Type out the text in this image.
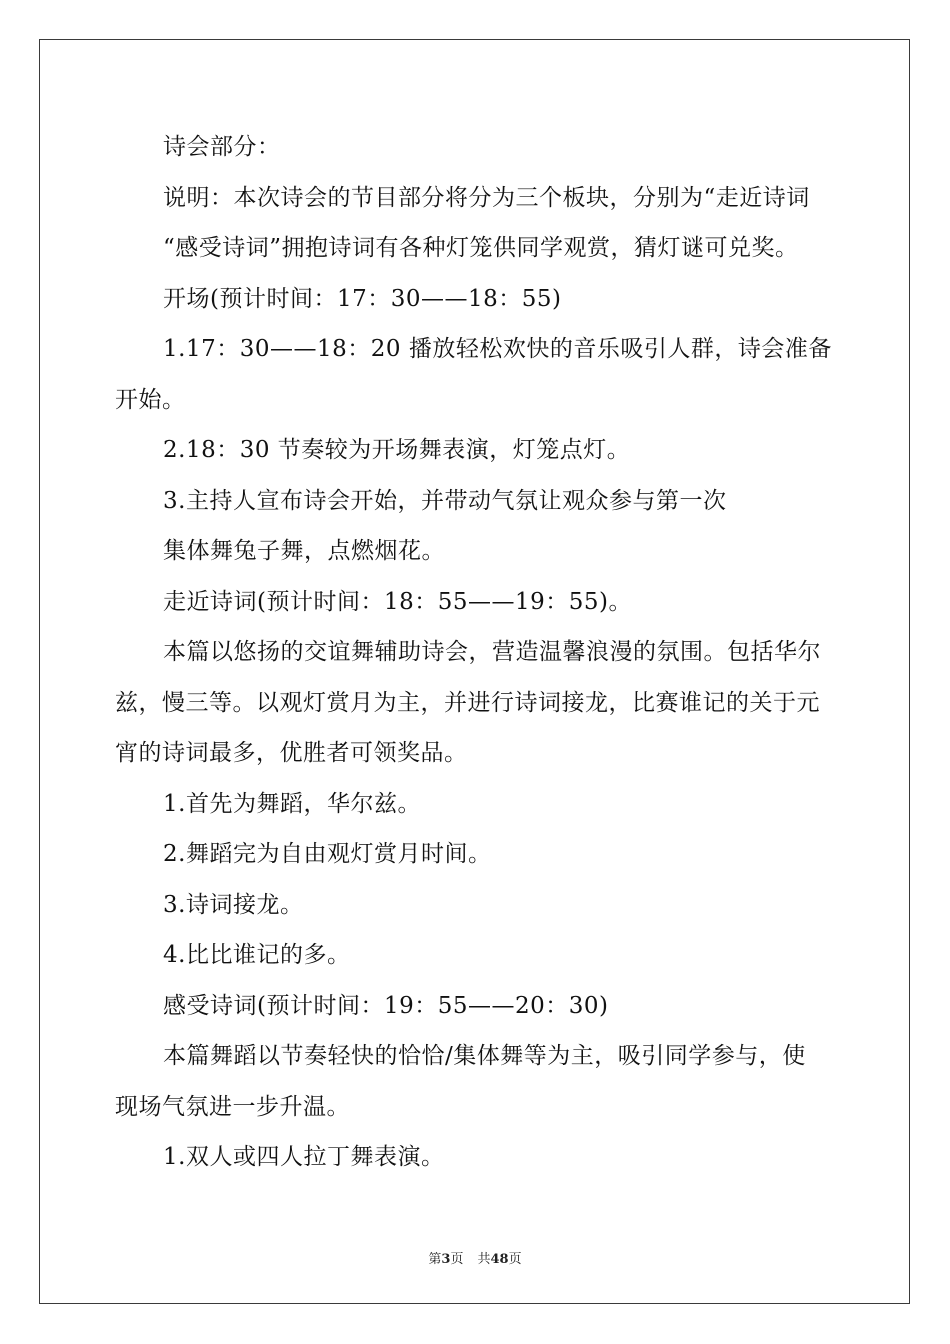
诗会部分：

说明：本次诗会的节目部分将分为三个板块，分别为“走近诗词

“感受诗词”拥抱诗词有各种灯笼供同学观赏，猜灯谜可兑奖。

开场(预计时间：17：30——18：55)

1.17：30——18：20 播放轻松欢快的音乐吸引人群，诗会准备

开始。

2.18：30 节奏较为开场舞表演，灯笼点灯。

3.主持人宣布诗会开始，并带动气氛让观众参与第一次

集体舞兔子舞，点燃烟花。

走近诗词(预计时间：18：55——19：55)。

本篇以悠扬的交谊舞辅助诗会，营造温馨浪漫的氛围。包括华尔

兹，慢三等。以观灯赏月为主，并进行诗词接龙，比赛谁记的关于元

宵的诗词最多，优胜者可领奖品。

1.首先为舞蹈，华尔兹。

2.舞蹈完为自由观灯赏月时间。

3.诗词接龙。

4.比比谁记的多。

感受诗词(预计时间：19：55——20：30)

本篇舞蹈以节奏轻快的恰恰/集体舞等为主，吸引同学参与，使

现场气氛进一步升温。

1.双人或四人拉丁舞表演。

第3页 共48页
